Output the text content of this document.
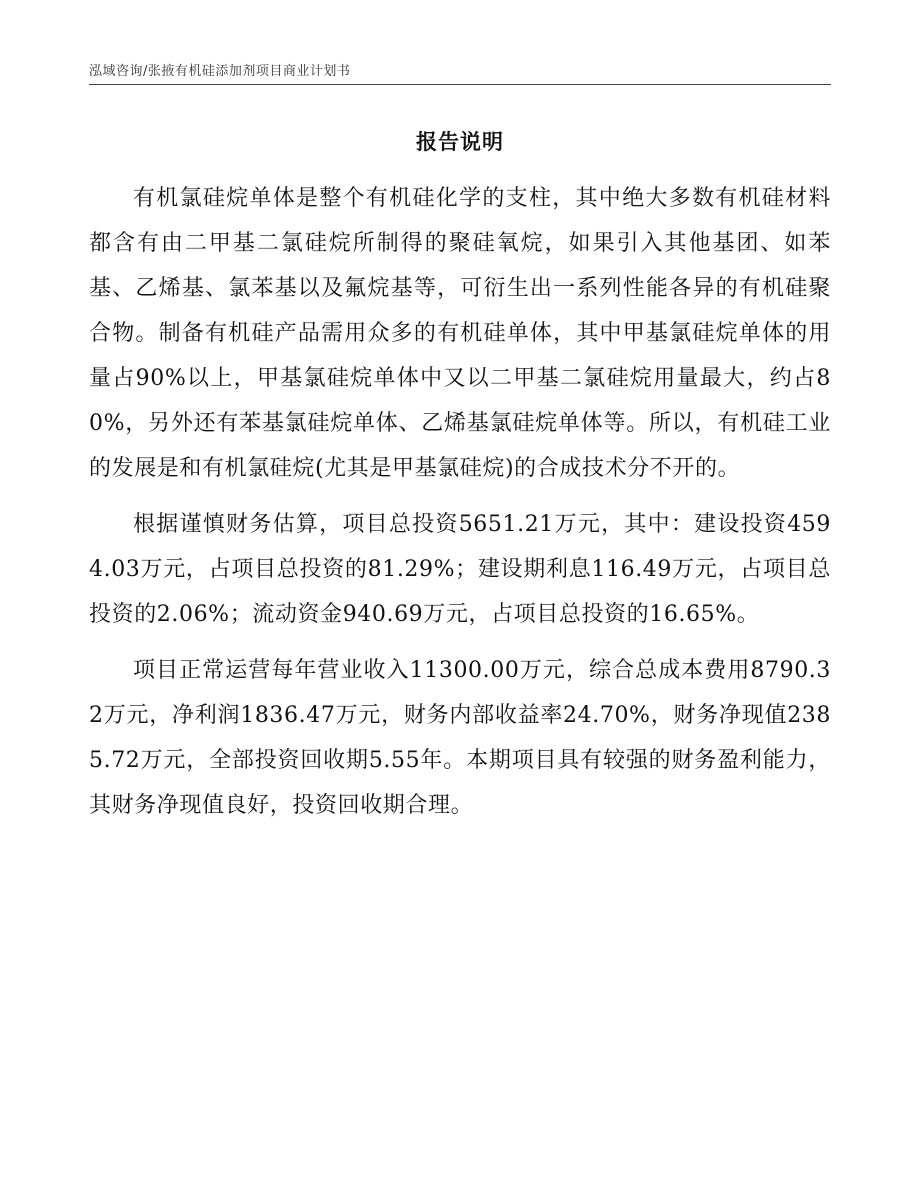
泓域咨询/张掖有机硅添加剂项目商业计划书
报告说明

有机氯硅烷单体是整个有机硅化学的支柱，其中绝大多数有机硅材料都含有由二甲基二氯硅烷所制得的聚硅氧烷，如果引入其他基团、如苯基、乙烯基、氯苯基以及氟烷基等，可衍生出一系列性能各异的有机硅聚合物。制备有机硅产品需用众多的有机硅单体，其中甲基氯硅烷单体的用量占90%以上，甲基氯硅烷单体中又以二甲基二氯硅烷用量最大，约占80%，另外还有苯基氯硅烷单体、乙烯基氯硅烷单体等。所以，有机硅工业的发展是和有机氯硅烷(尤其是甲基氯硅烷)的合成技术分不开的。

根据谨慎财务估算，项目总投资5651.21万元，其中：建设投资4594.03万元，占项目总投资的81.29%；建设期利息116.49万元，占项目总投资的2.06%；流动资金940.69万元，占项目总投资的16.65%。

项目正常运营每年营业收入11300.00万元，综合总成本费用8790.32万元，净利润1836.47万元，财务内部收益率24.70%，财务净现值2385.72万元，全部投资回收期5.55年。本期项目具有较强的财务盈利能力，其财务净现值良好，投资回收期合理。
